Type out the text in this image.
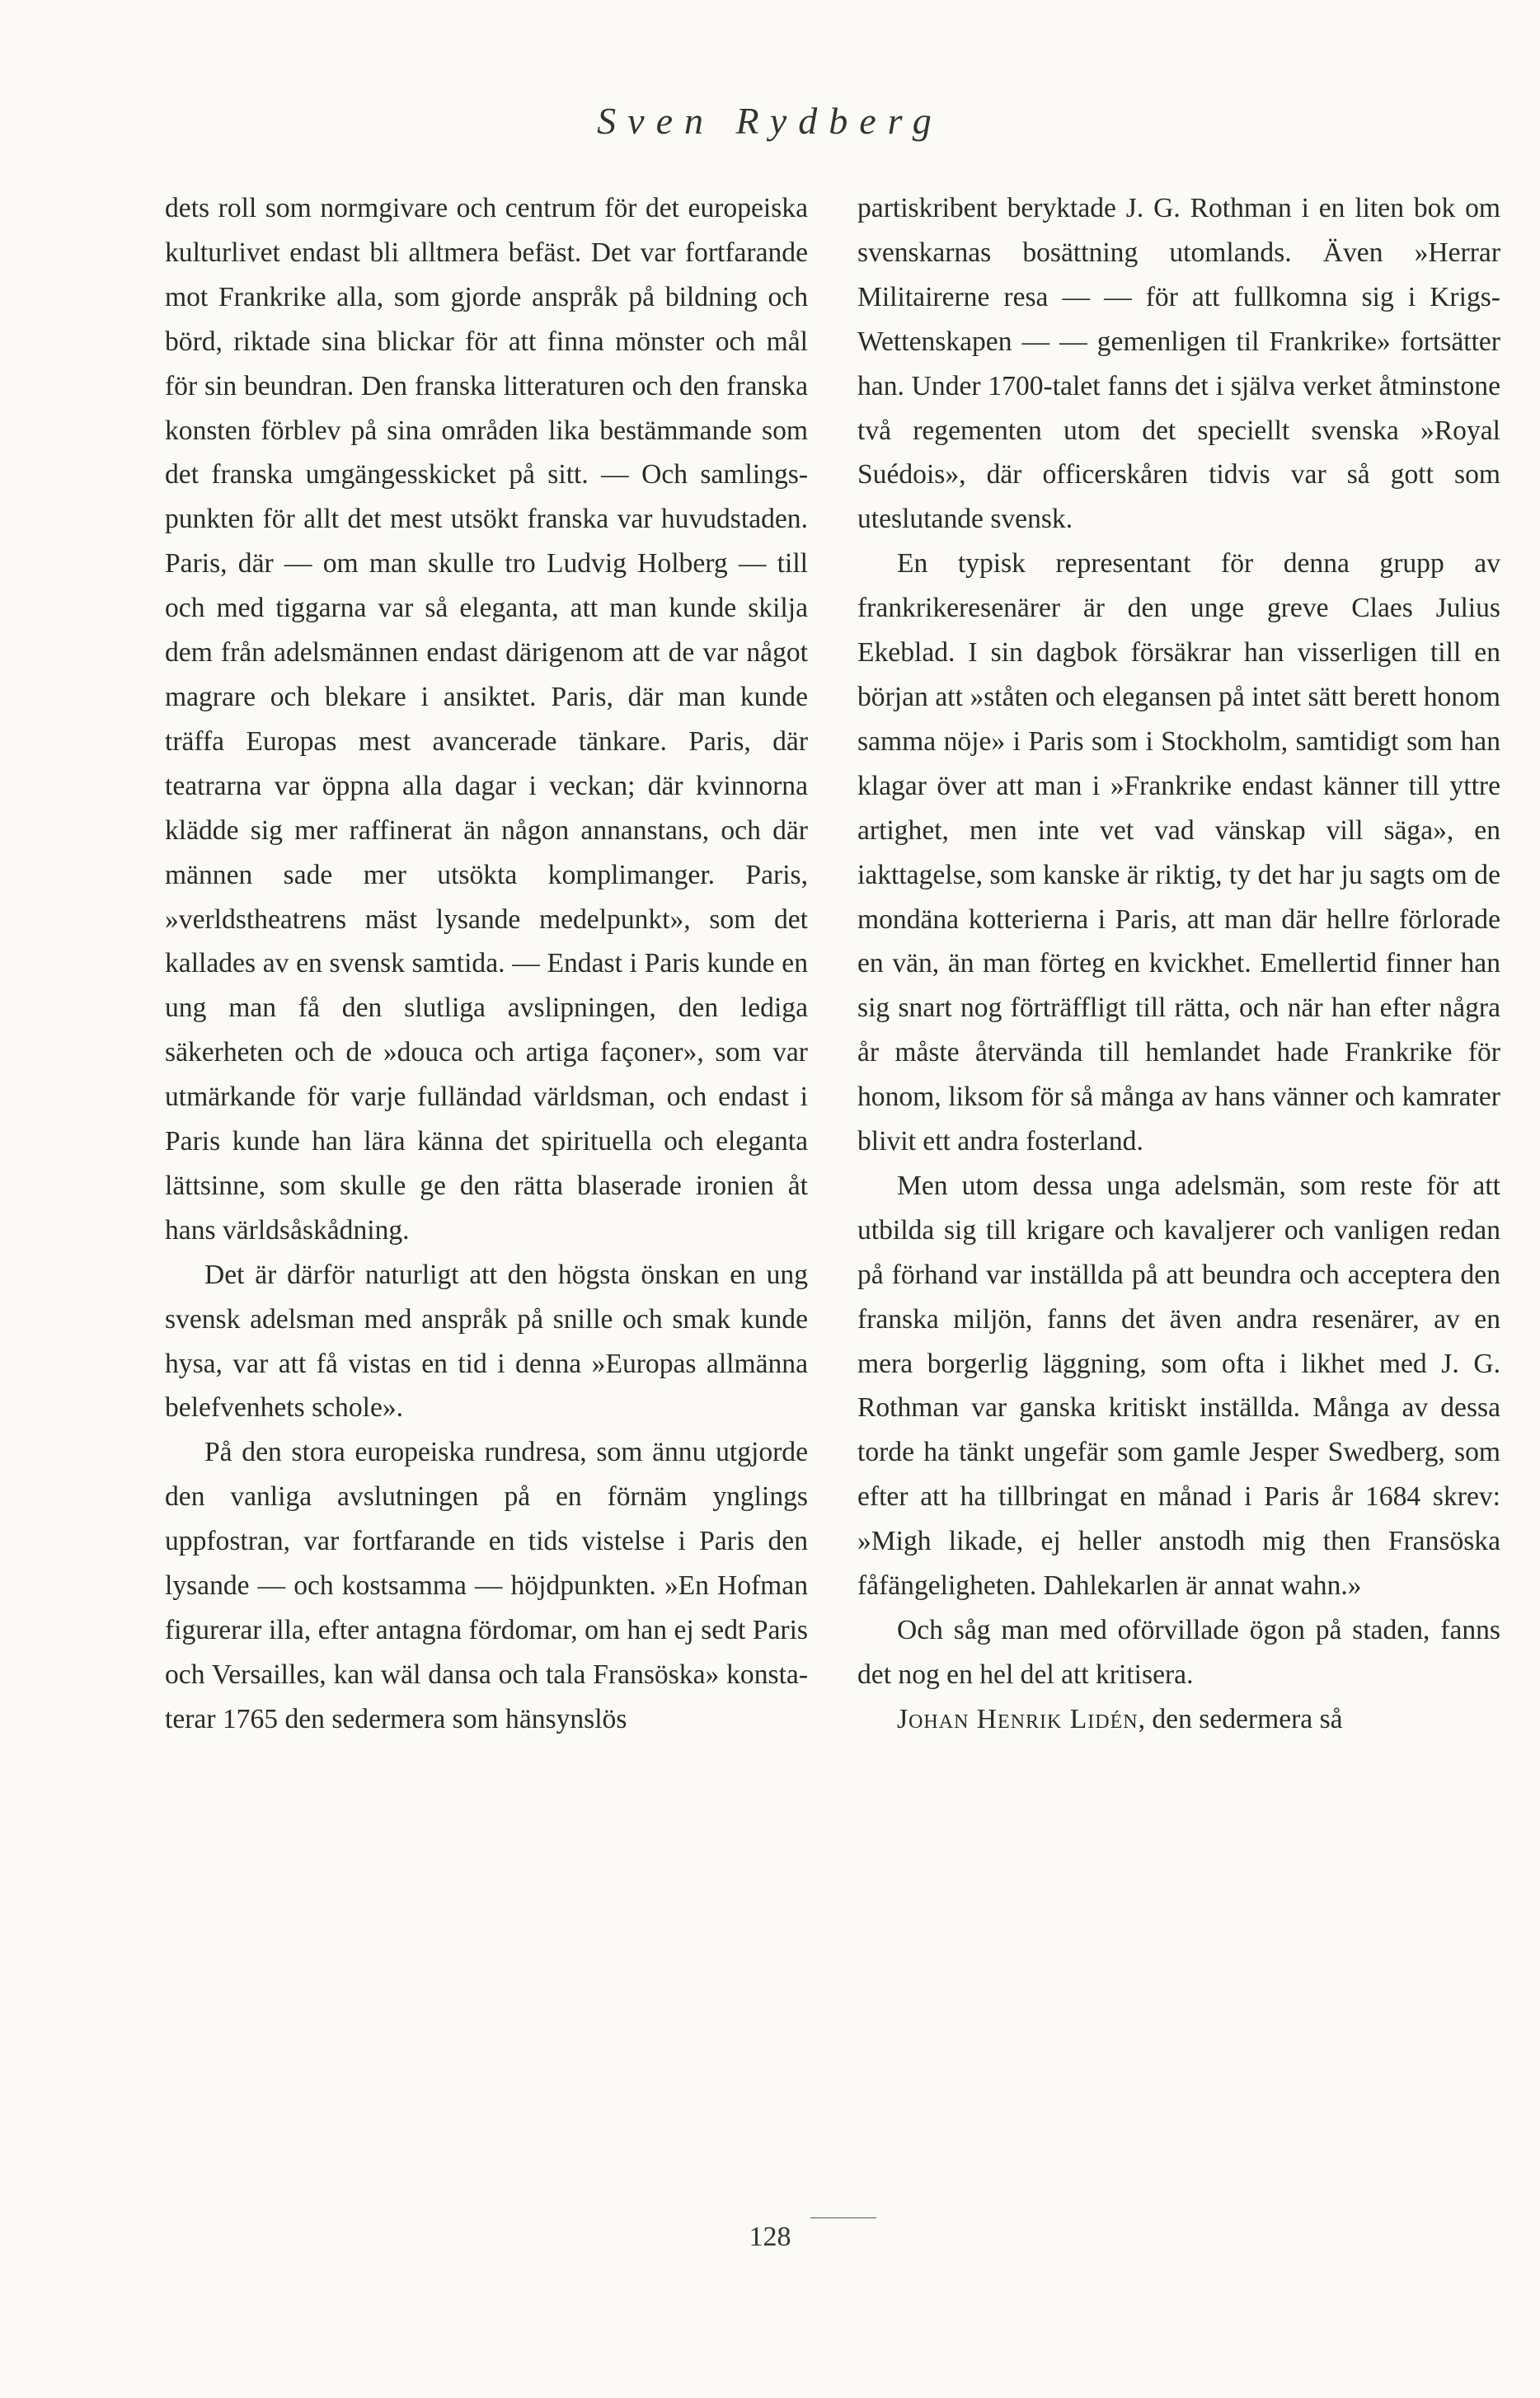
Sven Rydberg

dets roll som normgivare och centrum för det europeiska kulturlivet endast bli alltmera befäst. Det var fortfarande mot Frankrike alla, som gjorde anspråk på bildning och börd, riktade sina blickar för att finna mönster och mål för sin beundran. Den franska litteraturen och den franska konsten förblev på sina områden lika bestämmande som det franska umgängesskicket på sitt. — Och samlingspunkten för allt det mest utsökt franska var huvudstaden. Paris, där — om man skulle tro Ludvig Holberg — till och med tiggarna var så eleganta, att man kunde skilja dem från adelsmännen endast därigenom att de var något magrare och blekare i ansiktet. Paris, där man kunde träffa Europas mest avancerade tänkare. Paris, där teatrarna var öppna alla dagar i veckan; där kvinnorna klädde sig mer raffinerat än någon annanstans, och där männen sade mer utsökta komplimanger. Paris, »verldstheatrens mäst lysande medelpunkt», som det kallades av en svensk samtida. — Endast i Paris kunde en ung man få den slutliga avslipningen, den lediga säkerheten och de »douca och artiga façoner», som var utmärkande för varje fulländad världsman, och endast i Paris kunde han lära känna det spirituella och eleganta lättsinne, som skulle ge den rätta blaserade ironien åt hans världsåskådning.

Det är därför naturligt att den högsta önskan en ung svensk adelsman med anspråk på snille och smak kunde hysa, var att få vistas en tid i denna »Europas allmänna belefvenhets schole».

På den stora europeiska rundresa, som ännu utgjorde den vanliga avslutningen på en förnäm ynglings uppfostran, var fortfarande en tids vistelse i Paris den lysande — och kostsamma — höjdpunkten. »En Hofman figurerar illa, efter antagna fördomar, om han ej sedt Paris och Versailles, kan wäl dansa och tala Fransöska» konstaterar 1765 den sedermera som hänsynslös

partiskribent beryktade J. G. Rothman i en liten bok om svenskarnas bosättning utomlands. Även »Herrar Militairerne resa — — för att fullkomna sig i Krigs-Wettenskapen — — gemenligen til Frankrike» fortsätter han. Under 1700-talet fanns det i själva verket åtminstone två regementen utom det speciellt svenska »Royal Suédois», där officerskåren tidvis var så gott som uteslutande svensk.

En typisk representant för denna grupp av frankrikeresenärer är den unge greve Claes Julius Ekeblad. I sin dagbok försäkrar han visserligen till en början att »ståten och elegansen på intet sätt berett honom samma nöje» i Paris som i Stockholm, samtidigt som han klagar över att man i »Frankrike endast känner till yttre artighet, men inte vet vad vänskap vill säga», en iakttagelse, som kanske är riktig, ty det har ju sagts om de mondäna kotterierna i Paris, att man där hellre förlorade en vän, än man förteg en kvickhet. Emellertid finner han sig snart nog förträffligt till rätta, och när han efter några år måste återvända till hemlandet hade Frankrike för honom, liksom för så många av hans vänner och kamrater blivit ett andra fosterland.

Men utom dessa unga adelsmän, som reste för att utbilda sig till krigare och kavaljerer och vanligen redan på förhand var inställda på att beundra och acceptera den franska miljön, fanns det även andra resenärer, av en mera borgerlig läggning, som ofta i likhet med J. G. Rothman var ganska kritiskt inställda. Många av dessa torde ha tänkt ungefär som gamle Jesper Swedberg, som efter att ha tillbringat en månad i Paris år 1684 skrev: »Migh likade, ej heller anstodh mig then Fransöska fåfängeligheten. Dahlekarlen är annat wahn.»

Och såg man med oförvillade ögon på staden, fanns det nog en hel del att kritisera.

Johan Henrik Lidén, den sedermera så

128
